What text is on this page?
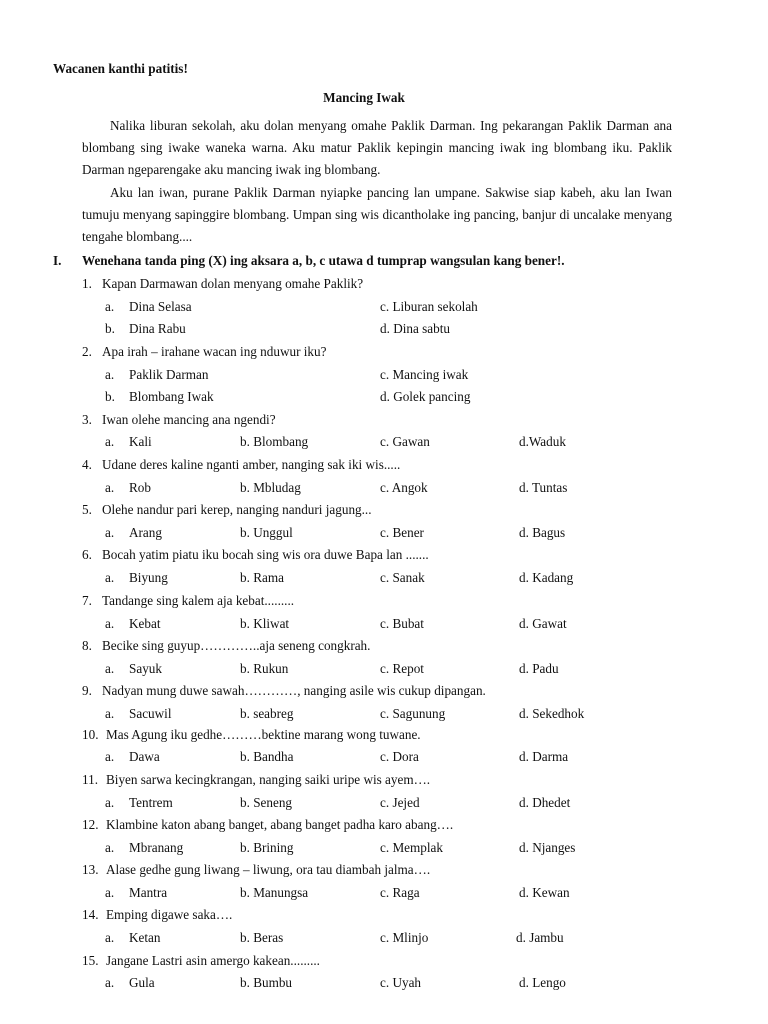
Wacanen kanthi patitis!
Mancing Iwak

Nalika liburan sekolah, aku dolan menyang omahe Paklik Darman. Ing pekarangan Paklik Darman ana blombang sing iwake waneka warna. Aku matur Paklik kepingin mancing iwak ing blombang iku. Paklik Darman ngeparengake aku mancing iwak ing blombang.

Aku lan iwan, purane Paklik Darman nyiapke pancing lan umpane. Sakwise siap kabeh, aku lan Iwan tumuju menyang sapinggire blombang. Umpan sing wis dicantholake ing pancing, banjur di uncalake menyang tengahe blombang....

I. Wenehana tanda ping (X) ing aksara a, b, c utawa d tumprap wangsulan kang bener!.
1. Kapan Darmawan dolan menyang omahe Paklik?
a. Dina Selasa	c. Liburan sekolah
b. Dina Rabu	d. Dina sabtu
2. Apa irah – irahane wacan ing nduwur iku?
a. Paklik Darman	c. Mancing iwak
b. Blombang Iwak	d. Golek pancing
3. Iwan olehe mancing ana ngendi?
a. Kali	b. Blombang	c. Gawan	d.Waduk
4. Udane deres kaline nganti amber, nanging sak iki wis.....
a. Rob	b. Mbludag	c. Angok	d. Tuntas
5. Olehe nandur pari kerep, nanging nanduri jagung...
a. Arang	b. Unggul	c. Bener	d. Bagus
6. Bocah yatim piatu iku bocah sing wis ora duwe Bapa lan .......
a. Biyung	b. Rama	c. Sanak	d. Kadang
7. Tandange sing kalem aja kebat.........
a. Kebat	b. Kliwat	c. Bubat	d. Gawat
8. Becike sing guyup…………..aja seneng congkrah.
a. Sayuk	b. Rukun	c. Repot	d. Padu
9. Nadyan mung duwe sawah…………, nanging asile wis cukup dipangan.
a. Sacuwil	b. seabreg	c. Sagunung	d. Sekedhok
10. Mas Agung iku gedhe………bektine marang wong tuwane.
a. Dawa	b. Bandha	c. Dora	d. Darma
11. Biyen sarwa kecingkrangan, nanging saiki uripe wis ayem….
a. Tentrem	b. Seneng	c. Jejed	d. Dhedet
12. Klambine katon abang banget, abang banget padha karo abang….
a. Mbranang	b. Brining	c. Memplak	d. Njanges
13. Alase gedhe gung liwang – liwung, ora tau diambah jalma….
a. Mantra	b. Manungsa	c. Raga	d. Kewan
14. Emping digawe saka….
a. Ketan	b. Beras	c. Mlinjo	d. Jambu
15. Jangane Lastri asin amergo kakean.........
a. Gula	b. Bumbu	c. Uyah	d. Lengo
